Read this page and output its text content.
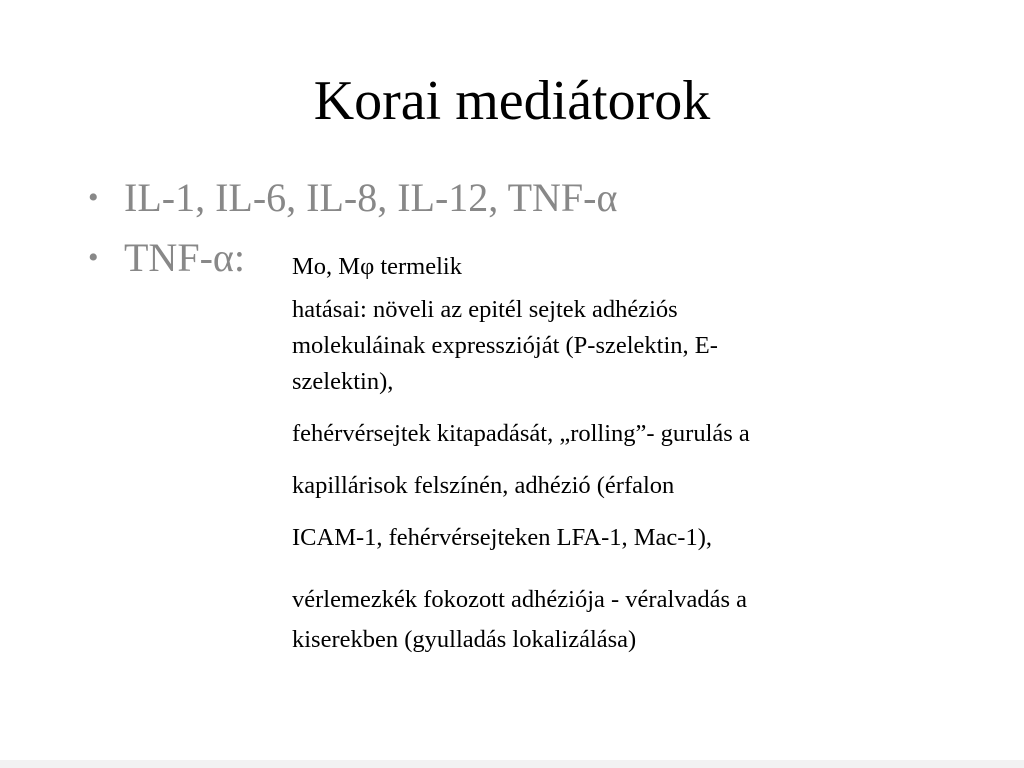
Korai mediátorok
• IL-1, IL-6, IL-8, IL-12, TNF-α
• TNF-α: Mo, Mφ termelik
hatásai: növeli az epitél sejtek adhéziós
molekuláinak expresszióját (P-szelektin, E-
szelektin),
fehérvérsejtek kitapadását, „rolling”- gurulás a
kapillárisok felszínén, adhézió (érfalon
ICAM-1, fehérvérsejteken LFA-1, Mac-1),
vérlemezkék fokozott adhéziója - véralvadás a
kiserekben (gyulladás lokalizálása)
